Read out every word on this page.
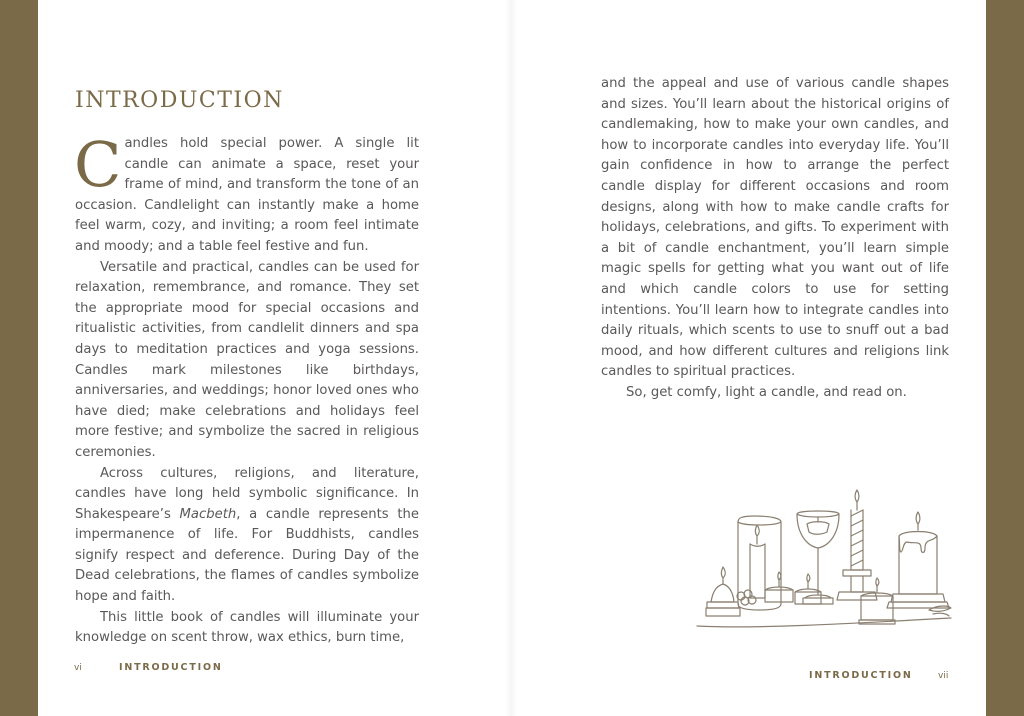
INTRODUCTION

Candles hold special power. A single lit candle can animate a space, reset your frame of mind, and transform the tone of an occasion. Candlelight can instantly make a home feel warm, cozy, and inviting; a room feel intimate and moody; and a table feel festive and fun.

Versatile and practical, candles can be used for relaxation, remembrance, and romance. They set the appropriate mood for special occasions and ritualistic activities, from candlelit dinners and spa days to meditation practices and yoga sessions. Candles mark milestones like birthdays, anniversaries, and weddings; honor loved ones who have died; make celebrations and holidays feel more festive; and symbolize the sacred in religious ceremonies.

Across cultures, religions, and literature, candles have long held symbolic significance. In Shakespeare’s Macbeth, a candle represents the impermanence of life. For Buddhists, candles signify respect and deference. During Day of the Dead celebrations, the flames of candles symbolize hope and faith.

This little book of candles will illuminate your knowledge on scent throw, wax ethics, burn time,

vi	INTRODUCTION

and the appeal and use of various candle shapes and sizes. You’ll learn about the historical origins of candlemaking, how to make your own candles, and how to incorporate candles into everyday life. You’ll gain confidence in how to arrange the perfect candle display for different occasions and room designs, along with how to make candle crafts for holidays, celebrations, and gifts. To experiment with a bit of candle enchantment, you’ll learn simple magic spells for getting what you want out of life and which candle colors to use for setting intentions. You’ll learn how to integrate candles into daily rituals, which scents to use to snuff out a bad mood, and how different cultures and religions link candles to spiritual practices.

So, get comfy, light a candle, and read on.

INTRODUCTION	vii
